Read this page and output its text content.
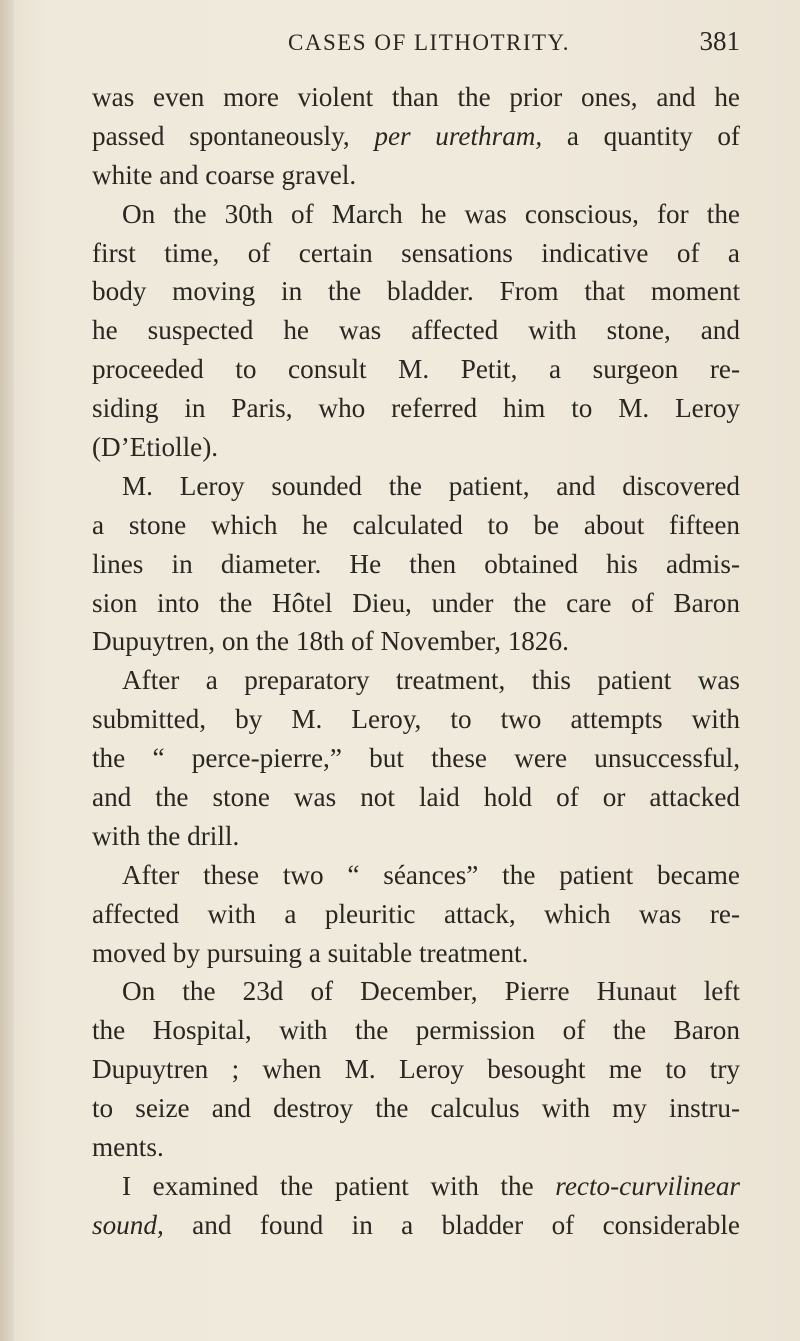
CASES OF LITHOTRITY.	381
was even more violent than the prior ones, and he
passed spontaneously, per urethram, a quantity of
white and coarse gravel.
On the 30th of March he was conscious, for the
first time, of certain sensations indicative of a
body moving in the bladder. From that moment
he suspected he was affected with stone, and
proceeded to consult M. Petit, a surgeon re-
siding in Paris, who referred him to M. Leroy
(D’Etiolle).
M. Leroy sounded the patient, and discovered
a stone which he calculated to be about fifteen
lines in diameter. He then obtained his admis-
sion into the Hôtel Dieu, under the care of Baron
Dupuytren, on the 18th of November, 1826.
After a preparatory treatment, this patient was
submitted, by M. Leroy, to two attempts with
the “ perce-pierre,” but these were unsuccessful,
and the stone was not laid hold of or attacked
with the drill.
After these two “ séances” the patient became
affected with a pleuritic attack, which was re-
moved by pursuing a suitable treatment.
On the 23d of December, Pierre Hunaut left
the Hospital, with the permission of the Baron
Dupuytren ; when M. Leroy besought me to try
to seize and destroy the calculus with my instru-
ments.
I examined the patient with the recto-curvilinear
sound, and found in a bladder of considerable
